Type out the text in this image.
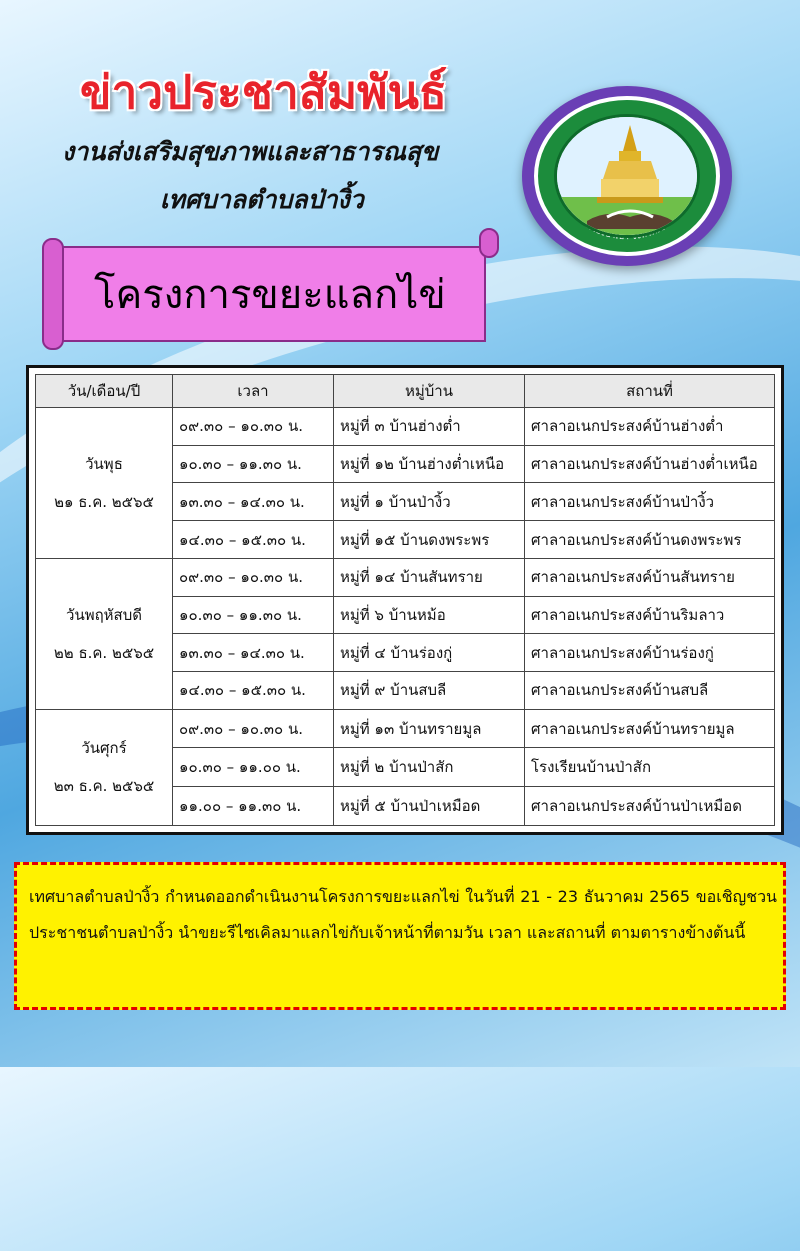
ข่าวประชาสัมพันธ์
งานส่งเสริมสุขภาพและสาธารณสุข
เทศบาลตำบลป่างิ้ว
โครงการขยะแลกไข่
วัน/เดือน/ปี	เวลา	หมู่บ้าน	สถานที่

วันพุธ
๒๑ ธ.ค. ๒๕๖๕	๐๙.๓๐ – ๑๐.๓๐ น.	หมู่ที่ ๓ บ้านฮ่างต่ำ	ศาลาอเนกประสงค์บ้านฮ่างต่ำ
	๑๐.๓๐ – ๑๑.๓๐ น.	หมู่ที่ ๑๒ บ้านฮ่างต่ำเหนือ	ศาลาอเนกประสงค์บ้านฮ่างต่ำเหนือ
	๑๓.๓๐ – ๑๔.๓๐ น.	หมู่ที่ ๑ บ้านป่างิ้ว	ศาลาอเนกประสงค์บ้านป่างิ้ว
	๑๔.๓๐ – ๑๕.๓๐ น.	หมู่ที่ ๑๕ บ้านดงพระพร	ศาลาอเนกประสงค์บ้านดงพระพร

วันพฤหัสบดี
๒๒ ธ.ค. ๒๕๖๕	๐๙.๓๐ – ๑๐.๓๐ น.	หมู่ที่ ๑๔ บ้านสันทราย	ศาลาอเนกประสงค์บ้านสันทราย
	๑๐.๓๐ – ๑๑.๓๐ น.	หมู่ที่ ๖ บ้านหม้อ	ศาลาอเนกประสงค์บ้านริมลาว
	๑๓.๓๐ – ๑๔.๓๐ น.	หมู่ที่ ๔ บ้านร่องกู่	ศาลาอเนกประสงค์บ้านร่องกู่
	๑๔.๓๐ – ๑๕.๓๐ น.	หมู่ที่ ๙ บ้านสบลี	ศาลาอเนกประสงค์บ้านสบลี

วันศุกร์
๒๓ ธ.ค. ๒๕๖๕	๐๙.๓๐ – ๑๐.๓๐ น.	หมู่ที่ ๑๓ บ้านทรายมูล	ศาลาอเนกประสงค์บ้านทรายมูล
	๑๐.๓๐ – ๑๑.๐๐ น.	หมู่ที่ ๒ บ้านป่าสัก	โรงเรียนบ้านป่าสัก
	๑๑.๐๐ – ๑๑.๓๐ น.	หมู่ที่ ๕ บ้านป่าเหมือด	ศาลาอเนกประสงค์บ้านป่าเหมือด

เทศบาลตำบลป่างิ้ว กำหนดออกดำเนินงานโครงการขยะแลกไข่ ในวันที่ 21 - 23 ธันวาคม 2565 ขอเชิญชวนประชาชนตำบลป่างิ้ว นำขยะรีไซเคิลมาแลกไข่กับเจ้าหน้าที่ตามวัน เวลา และสถานที่ ตามตารางข้างต้นนี้
